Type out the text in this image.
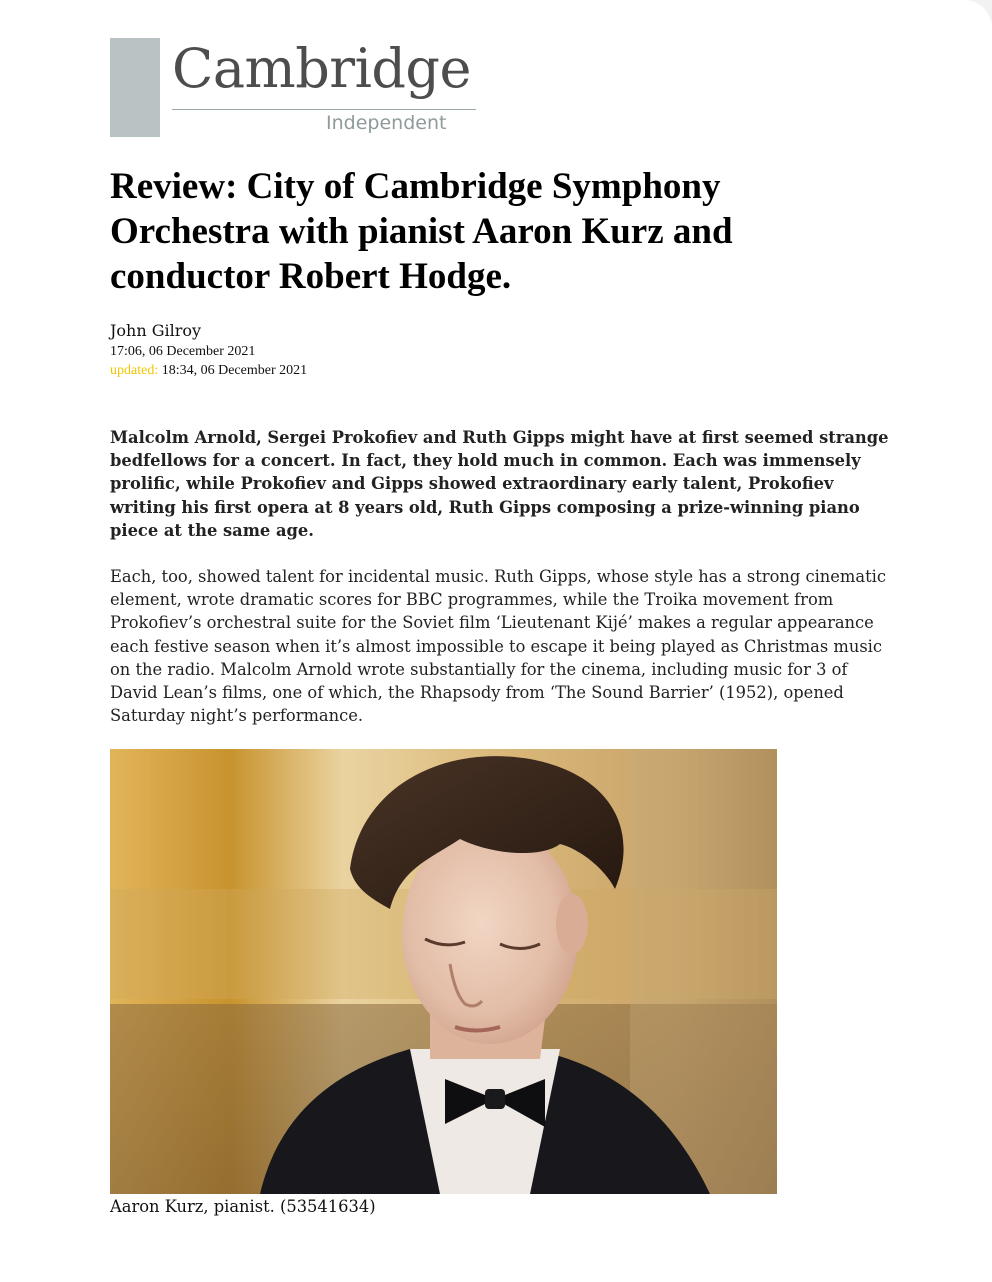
Cambridge
Independent
Review: City of Cambridge Symphony Orchestra with pianist Aaron Kurz and conductor Robert Hodge.
John Gilroy
17:06, 06 December 2021
updated: 18:34, 06 December 2021

Malcolm Arnold, Sergei Prokofiev and Ruth Gipps might have at first seemed strange bedfellows for a concert. In fact, they hold much in common. Each was immensely prolific, while Prokofiev and Gipps showed extraordinary early talent, Prokofiev writing his first opera at 8 years old, Ruth Gipps composing a prize-winning piano piece at the same age.

Each, too, showed talent for incidental music. Ruth Gipps, whose style has a strong cinematic element, wrote dramatic scores for BBC programmes, while the Troika movement from Prokofiev’s orchestral suite for the Soviet film ‘Lieutenant Kijé’ makes a regular appearance each festive season when it’s almost impossible to escape it being played as Christmas music on the radio. Malcolm Arnold wrote substantially for the cinema, including music for 3 of David Lean’s films, one of which, the Rhapsody from ‘The Sound Barrier’ (1952), opened Saturday night’s performance.

Aaron Kurz, pianist. (53541634)
